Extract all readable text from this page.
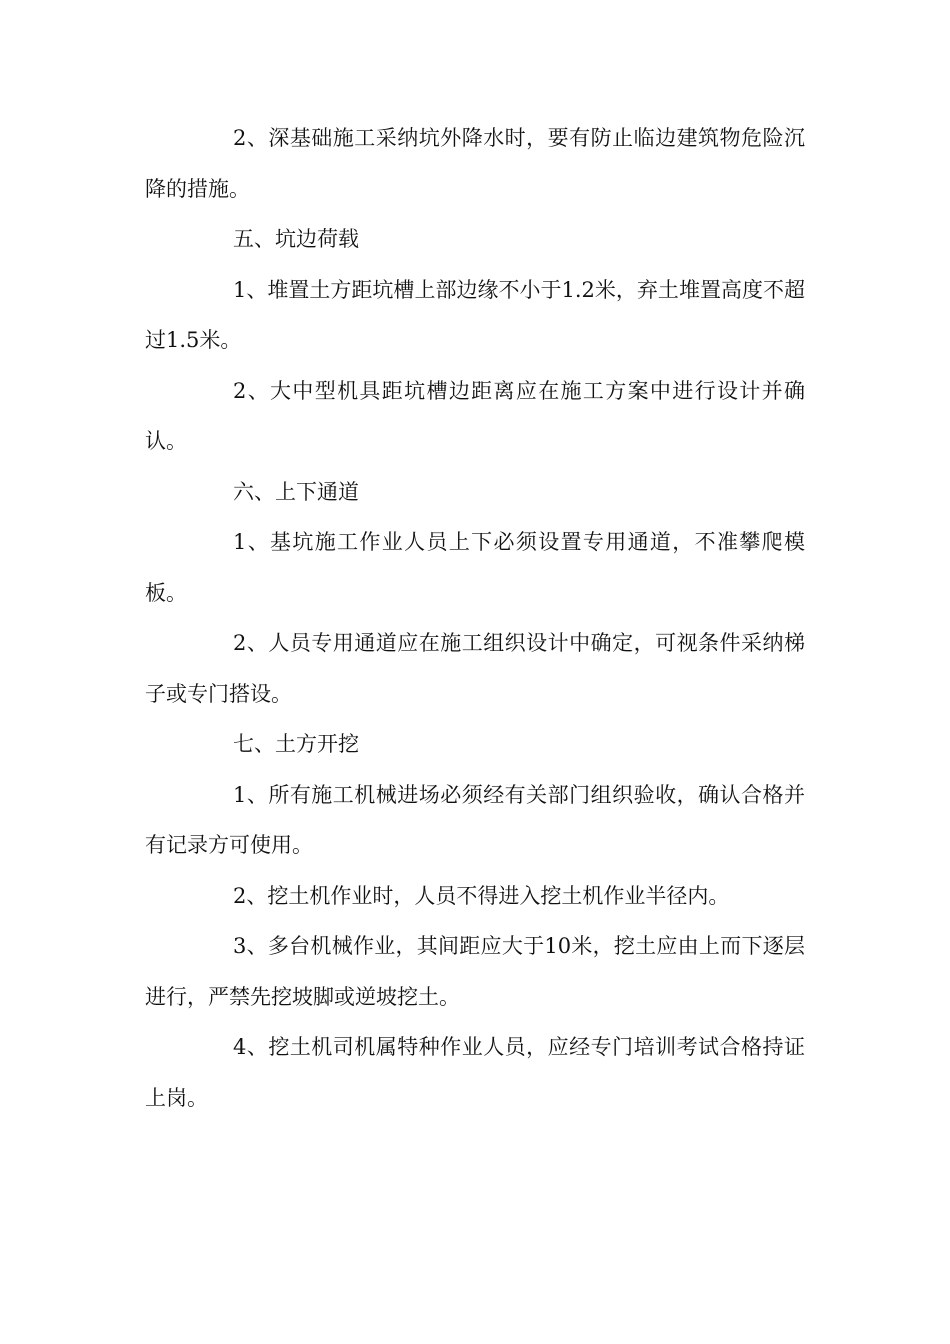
2、深基础施工采纳坑外降水时，要有防止临边建筑物危险沉降的措施。

五、坑边荷载

1、堆置土方距坑槽上部边缘不小于1.2米，弃土堆置高度不超过1.5米。

2、大中型机具距坑槽边距离应在施工方案中进行设计并确认。

六、上下通道

1、基坑施工作业人员上下必须设置专用通道，不准攀爬模板。

2、人员专用通道应在施工组织设计中确定，可视条件采纳梯子或专门搭设。

七、土方开挖

1、所有施工机械进场必须经有关部门组织验收，确认合格并有记录方可使用。

2、挖土机作业时，人员不得进入挖土机作业半径内。

3、多台机械作业，其间距应大于10米，挖土应由上而下逐层进行，严禁先挖坡脚或逆坡挖土。

4、挖土机司机属特种作业人员，应经专门培训考试合格持证上岗。
